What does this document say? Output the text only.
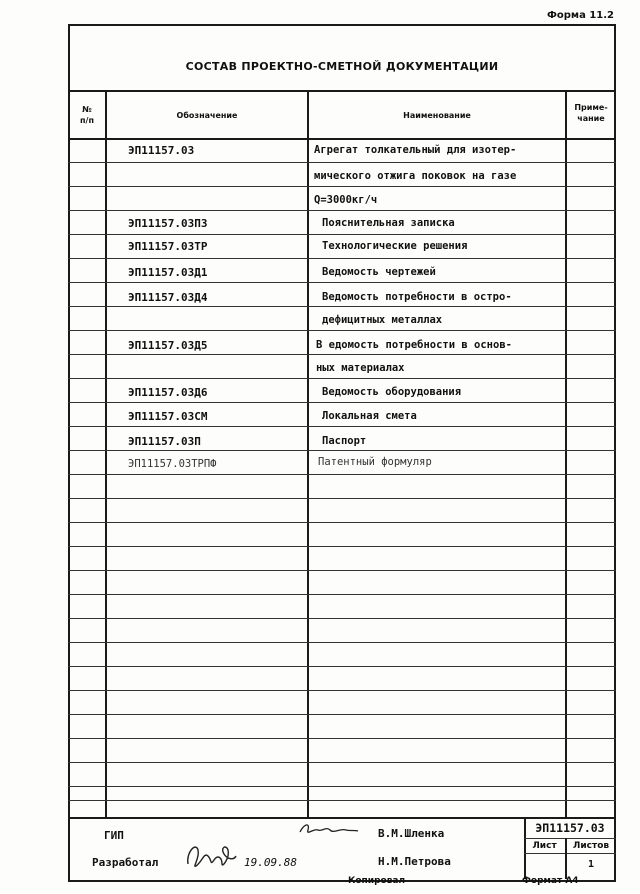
Форма 11.2
СОСТАВ ПРОЕКТНО-СМЕТНОЙ ДОКУМЕНТАЦИИ
№
п/п
Обозначение	Наименование
Приме-
чание
ЭП11157.03	Агрегат толкательный для изотер-
мического отжига поковок на газе
Q=3000кг/ч
ЭП11157.03ПЗ	Пояснительная записка
ЭП11157.03ТР	Технологические решения
ЭП11157.03Д1	Ведомость чертежей
ЭП11157.03Д4	Ведомость потребности в остро-
дефицитных металлах
ЭП11157.03Д5	В едомость потребности в основ-
ных материалах
ЭП11157.03Д6	Ведомость оборудования
ЭП11157.03СМ	Локальная смета
ЭП11157.03П	Паспорт
ЭП11157.03ТРПФ	Патентный формуляр
ГИП	В.М.Шленка
Разработал	19.09.88	Н.М.Петрова
ЭП11157.03
Лист	Листов
1
Копировал	Формат А4
